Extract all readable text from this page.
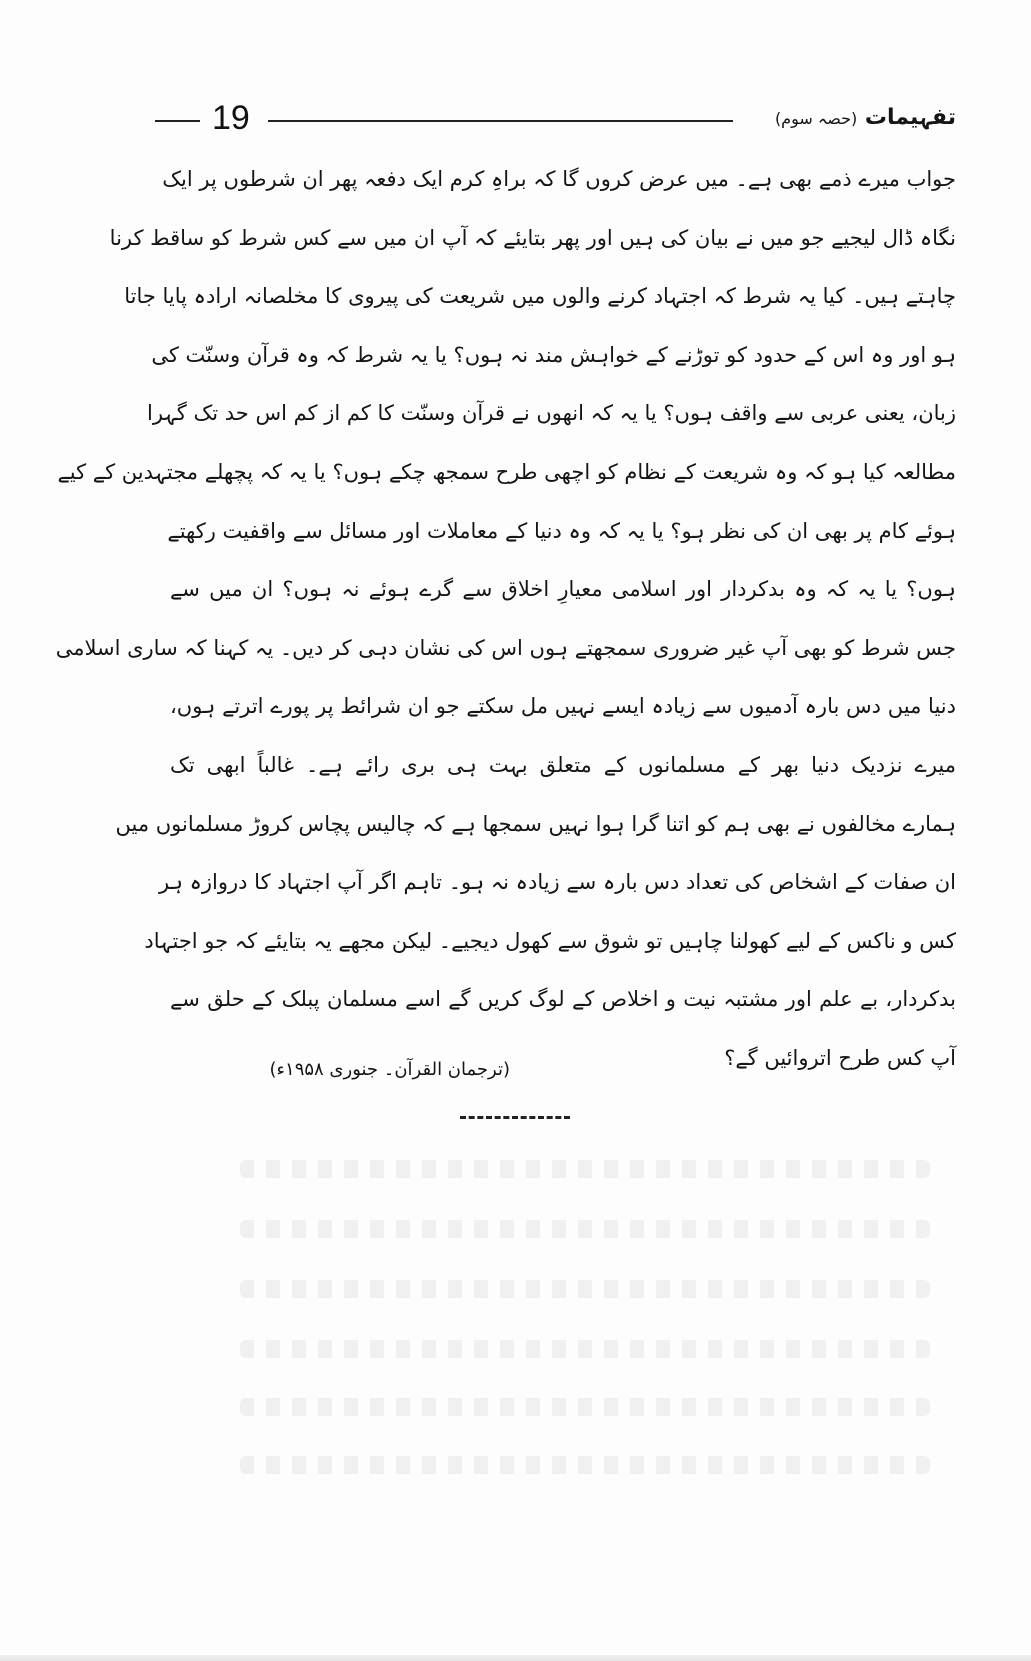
19	تفہیمات (حصہ سوم)
جواب میرے ذمے بھی ہے۔ میں عرض کروں گا کہ براہِ کرم ایک دفعہ پھر ان شرطوں پر ایک
نگاہ ڈال لیجیے جو میں نے بیان کی ہیں اور پھر بتایئے کہ آپ ان میں سے کس شرط کو ساقط کرنا
چاہتے ہیں۔ کیا یہ شرط کہ اجتہاد کرنے والوں میں شریعت کی پیروی کا مخلصانہ ارادہ پایا جاتا
ہو اور وہ اس کے حدود کو توڑنے کے خواہش مند نہ ہوں؟ یا یہ شرط کہ وہ قرآن وسنّت کی
زبان، یعنی عربی سے واقف ہوں؟ یا یہ کہ انھوں نے قرآن وسنّت کا کم از کم اس حد تک گہرا
مطالعہ کیا ہو کہ وہ شریعت کے نظام کو اچھی طرح سمجھ چکے ہوں؟ یا یہ کہ پچھلے مجتہدین کے کیے
ہوئے کام پر بھی ان کی نظر ہو؟ یا یہ کہ وہ دنیا کے معاملات اور مسائل سے واقفیت رکھتے
ہوں؟ یا یہ کہ وہ بدکردار اور اسلامی معیارِ اخلاق سے گرے ہوئے نہ ہوں؟ ان میں سے
جس شرط کو بھی آپ غیر ضروری سمجھتے ہوں اس کی نشان دہی کر دیں۔ یہ کہنا کہ ساری اسلامی
دنیا میں دس بارہ آدمیوں سے زیادہ ایسے نہیں مل سکتے جو ان شرائط پر پورے اترتے ہوں،
میرے نزدیک دنیا بھر کے مسلمانوں کے متعلق بہت ہی بری رائے ہے۔ غالباً ابھی تک
ہمارے مخالفوں نے بھی ہم کو اتنا گرا ہوا نہیں سمجھا ہے کہ چالیس پچاس کروڑ مسلمانوں میں
ان صفات کے اشخاص کی تعداد دس بارہ سے زیادہ نہ ہو۔ تاہم اگر آپ اجتہاد کا دروازہ ہر
کس و ناکس کے لیے کھولنا چاہیں تو شوق سے کھول دیجیے۔ لیکن مجھے یہ بتایئے کہ جو اجتہاد
بدکردار، بے علم اور مشتبہ نیت و اخلاص کے لوگ کریں گے اسے مسلمان پبلک کے حلق سے
آپ کس طرح اتروائیں گے؟
(ترجمان القرآن۔ جنوری ۱۹۵۸ء)
